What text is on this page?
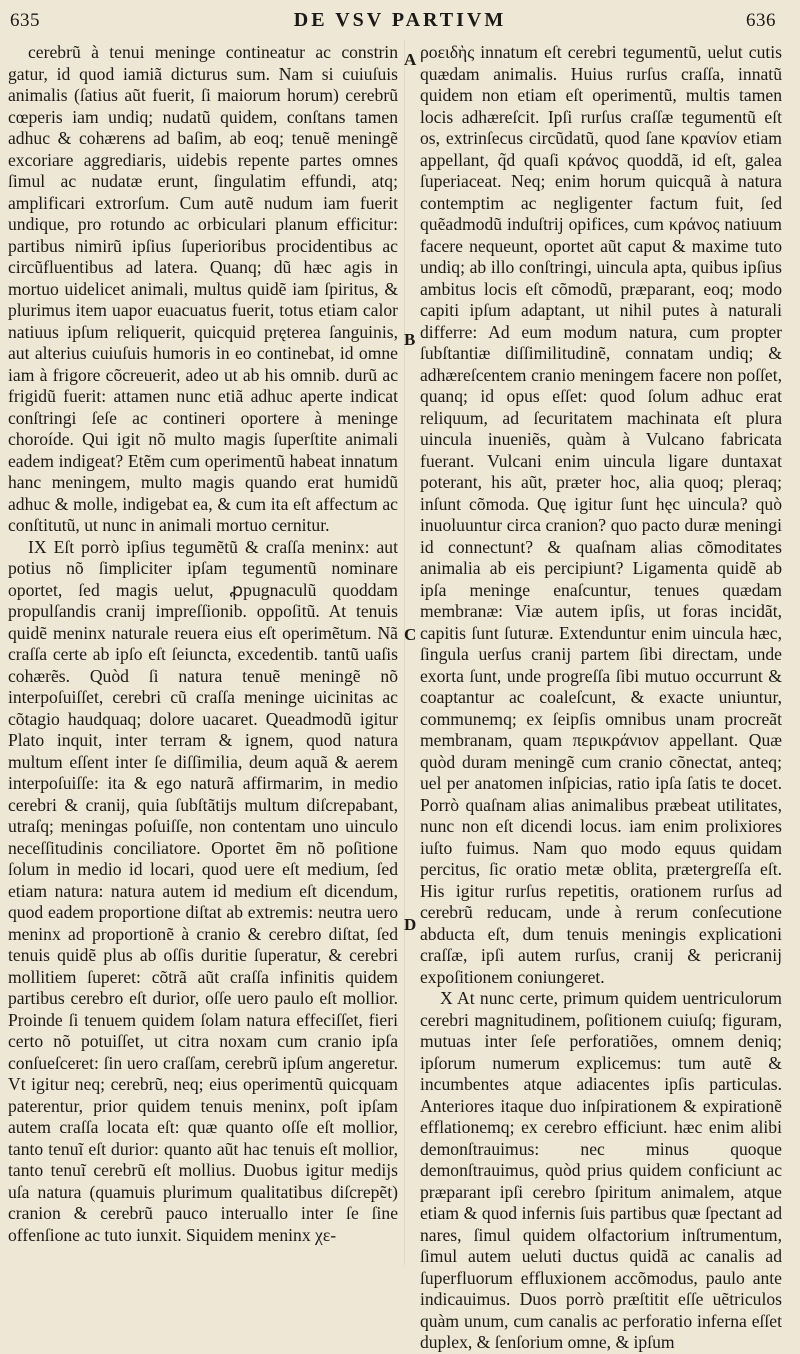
635	DE VSV PARTIVM	636

cerebrũ à tenui meninge contineatur ac constrin gatur, id quod iamiã dicturus sum. Nam si cuiuſuis animalis (ſatius aũt fuerit, ſi maiorum horum) cerebrũ cœperis iam undiq; nudatũ quidem, conſtans tamen adhuc & cohærens ad baſim, ab eoq; tenuẽ meningẽ excoriare aggrediaris, uidebis repente partes omnes ſimul ac nudatæ erunt, ſingulatim effundi, atq; amplificari extrorſum. Cum autẽ nudum iam fuerit undique, pro rotundo ac orbiculari planum efficitur: partibus nimirũ ipſius ſuperioribus procidentibus ac circũfluentibus ad latera. Quanq; dũ hæc agis in mortuo uidelicet animali, multus quidẽ iam ſpiritus, & plurimus item uapor euacuatus fuerit, totus etiam calor natiuus ipſum reliquerit, quicquid pręterea ſanguinis, aut alterius cuiuſuis humoris in eo continebat, id omne iam à frigore cõcreuerit, adeo ut ab his omnib. durũ ac frigidũ fuerit: attamen nunc etiã adhuc aperte indicat conſtringi ſeſe ac contineri oportere à meninge choroíde. Qui igit nõ multo magis ſuperſtite animali eadem indigeat? Etẽm cum operimentũ habeat innatum hanc meningem, multo magis quando erat humidũ adhuc & molle, indigebat ea, & cum ita eſt affectum ac conſtitutũ, ut nunc in animali mortuo cernitur.

IX Eſt porrò ipſius tegumẽtũ & craſſa meninx: aut potius nõ ſimpliciter ipſam tegumentũ nominare oportet, ſed magis uelut, ꝓpugnaculũ quoddam propulſandis cranij impreſſionib. oppoſitũ. At tenuis quidẽ meninx naturale reuera eius eſt operimẽtum. Nã craſſa certe ab ipſo eſt ſeiuncta, excedentib. tantũ uaſis cohærẽs. Quòd ſi natura tenuẽ meningẽ nõ interpoſuiſſet, cerebri cũ craſſa meninge uicinitas ac cõtagio haudquaq; dolore uacaret. Queadmodũ igitur Plato inquit, inter terram & ignem, quod natura multum eſſent inter ſe diſſimilia, deum aquã & aerem interpoſuiſſe: ita & ego naturã affirmarim, in medio cerebri & cranij, quia ſubſtãtijs multum diſcrepabant, utraſq; meningas poſuiſſe, non contentam uno uinculo neceſſitudinis conciliatore. Oportet ẽm nõ poſitione ſolum in medio id locari, quod uere eſt medium, ſed etiam natura: natura autem id medium eſt dicendum, quod eadem proportione diſtat ab extremis: neutra uero meninx ad proportionẽ à cranio & cerebro diſtat, ſed tenuis quidẽ plus ab oſſis duritie ſuperatur, & cerebri mollitiem ſuperet: cõtrã aũt craſſa infinitis quidem partibus cerebro eſt durior, oſſe uero paulo eſt mollior. Proinde ſi tenuem quidem ſolam natura effeciſſet, fieri certo nõ potuiſſet, ut citra noxam cum cranio ipſa conſueſceret: ſin uero craſſam, cerebrũ ipſum angeretur. Vt igitur neq; cerebrũ, neq; eius operimentũ quicquam paterentur, prior quidem tenuis meninx, poſt ipſam autem craſſa locata eſt: quæ quanto oſſe eſt mollior, tanto tenuĩ eſt durior: quanto aũt hac tenuis eſt mollior, tanto tenuĩ cerebrũ eſt mollius. Duobus igitur medijs uſa natura (quamuis plurimum qualitatibus diſcrepẽt) cranion & cerebrũ pauco interuallo inter ſe ſine offenſione ac tuto iunxit. Siquidem meninx χε-

A
B
C
D

ροειδὴς innatum eſt cerebri tegumentũ, uelut cutis quædam animalis. Huius rurſus craſſa, innatũ quidem non etiam eſt operimentũ, multis tamen locis adhæreſcit. Ipſi rurſus craſſæ tegumentũ eſt os, extrinſecus circũdatũ, quod ſane κρανίον etiam appellant, q̃d quaſi κράνος quoddã, id eſt, galea ſuperiaceat. Neq; enim horum quicquã à natura contemptim ac negligenter factum fuit, ſed quẽadmodũ induſtrij opifices, cum κράνος natiuum facere nequeunt, oportet aũt caput & maxime tuto undiq; ab illo conſtringi, uincula apta, quibus ipſius ambitus locis eſt cõmodũ, præparant, eoq; modo capiti ipſum adaptant, ut nihil putes à naturali differre: Ad eum modum natura, cum propter ſubſtantiæ diſſimilitudinẽ, connatam undiq; & adhæreſcentem cranio meningem facere non poſſet, quanq; id opus eſſet: quod ſolum adhuc erat reliquum, ad ſecuritatem machinata eſt plura uincula inueniẽs, quàm à Vulcano fabricata fuerant. Vulcani enim uincula ligare duntaxat poterant, his aũt, præter hoc, alia quoq; pleraq; inſunt cõmoda. Quę igitur ſunt hęc uincula? quò inuoluuntur circa cranion? quo pacto duræ meningi id connectunt? & quaſnam alias cõmoditates animalia ab eis percipiunt? Ligamenta quidẽ ab ipſa meninge enaſcuntur, tenues quædam membranæ: Viæ autem ipſis, ut foras incidãt, capitis ſunt ſuturæ. Extenduntur enim uincula hæc, ſingula uerſus cranij partem ſibi directam, unde exorta ſunt, unde progreſſa ſibi mutuo occurrunt & coaptantur ac coaleſcunt, & exacte uniuntur, communemq; ex ſeipſis omnibus unam procreãt membranam, quam περικράνιον appellant. Quæ quòd duram meningẽ cum cranio cõnectat, anteq; uel per anatomen inſpicias, ratio ipſa ſatis te docet. Porrò quaſnam alias animalibus præbeat utilitates, nunc non eſt dicendi locus. iam enim prolixiores iuſto fuimus. Nam quo modo equus quidam percitus, ſic oratio metæ oblita, prætergreſſa eſt. His igitur rurſus repetitis, orationem rurſus ad cerebrũ reducam, unde à rerum conſecutione abducta eſt, dum tenuis meningis explicationi craſſæ, ipſi autem rurſus, cranij & pericranij expoſitionem coniungeret.

X At nunc certe, primum quidem uentriculorum cerebri magnitudinem, poſitionem cuiuſq; figuram, mutuas inter ſeſe perforatiões, omnem deniq; ipſorum numerum explicemus: tum autẽ & incumbentes atque adiacentes ipſis particulas. Anteriores itaque duo inſpirationem & expirationẽ efflationemq; ex cerebro efficiunt. hæc enim alibi demonſtrauimus: nec minus quoque demonſtrauimus, quòd prius quidem conficiunt ac præparant ipſi cerebro ſpiritum animalem, atque etiam & quod infernis ſuis partibus quæ ſpectant ad nares, ſimul quidem olfactorium inſtrumentum, ſimul autem ueluti ductus quidã ac canalis ad ſuperfluorum effluxionem accõmodus, paulo ante indicauimus. Duos porrò præſtitit eſſe uẽtriculos quàm unum, cum canalis ac perforatio inferna eſſet duplex, & ſenſorium omne, & ipſum
